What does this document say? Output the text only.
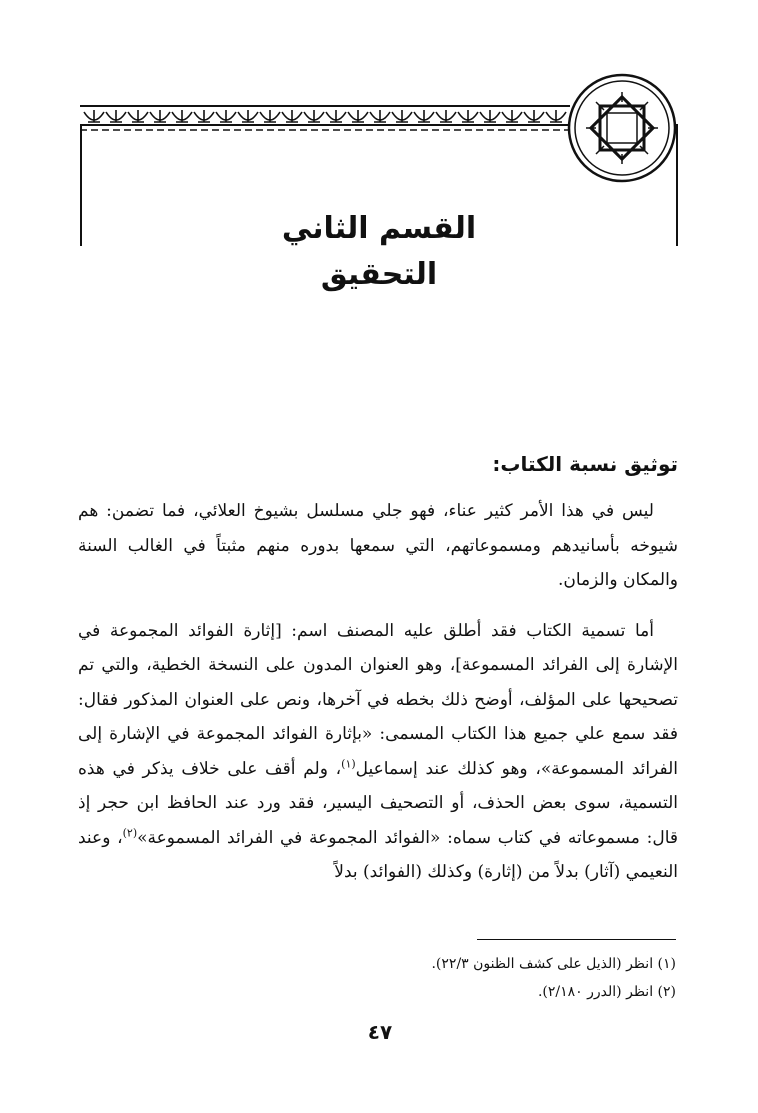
القسم الثاني

التحقيق

توثيق نسبة الكتاب:

ليس في هذا الأمر كثير عناء، فهو جلي مسلسل بشيوخ العلائي، فما تضمن: هم شيوخه بأسانيدهم ومسموعاتهم، التي سمعها بدوره منهم مثبتاً في الغالب السنة والمكان والزمان.

أما تسمية الكتاب فقد أطلق عليه المصنف اسم: [إثارة الفوائد المجموعة في الإشارة إلى الفرائد المسموعة]، وهو العنوان المدون على النسخة الخطية، والتي تم تصحيحها على المؤلف، أوضح ذلك بخطه في آخرها، ونص على العنوان المذكور فقال: فقد سمع علي جميع هذا الكتاب المسمى: «بإثارة الفوائد المجموعة في الإشارة إلى الفرائد المسموعة»، وهو كذلك عند إسماعيل$^{(١)}$، ولم أقف على خلاف يذكر في هذه التسمية، سوى بعض الحذف، أو التصحيف اليسير، فقد ورد عند الحافظ ابن حجر إذ قال: مسموعاته في كتاب سماه: «الفوائد المجموعة في الفرائد المسموعة»$^{(٢)}$، وعند النعيمي (آثار) بدلاً من (إثارة) وكذلك (الفوائد) بدلاً

(١) انظر (الذيل على كشف الظنون ٢٢/٣).

(٢) انظر (الدرر ٢/١٨٠).

٤٧
